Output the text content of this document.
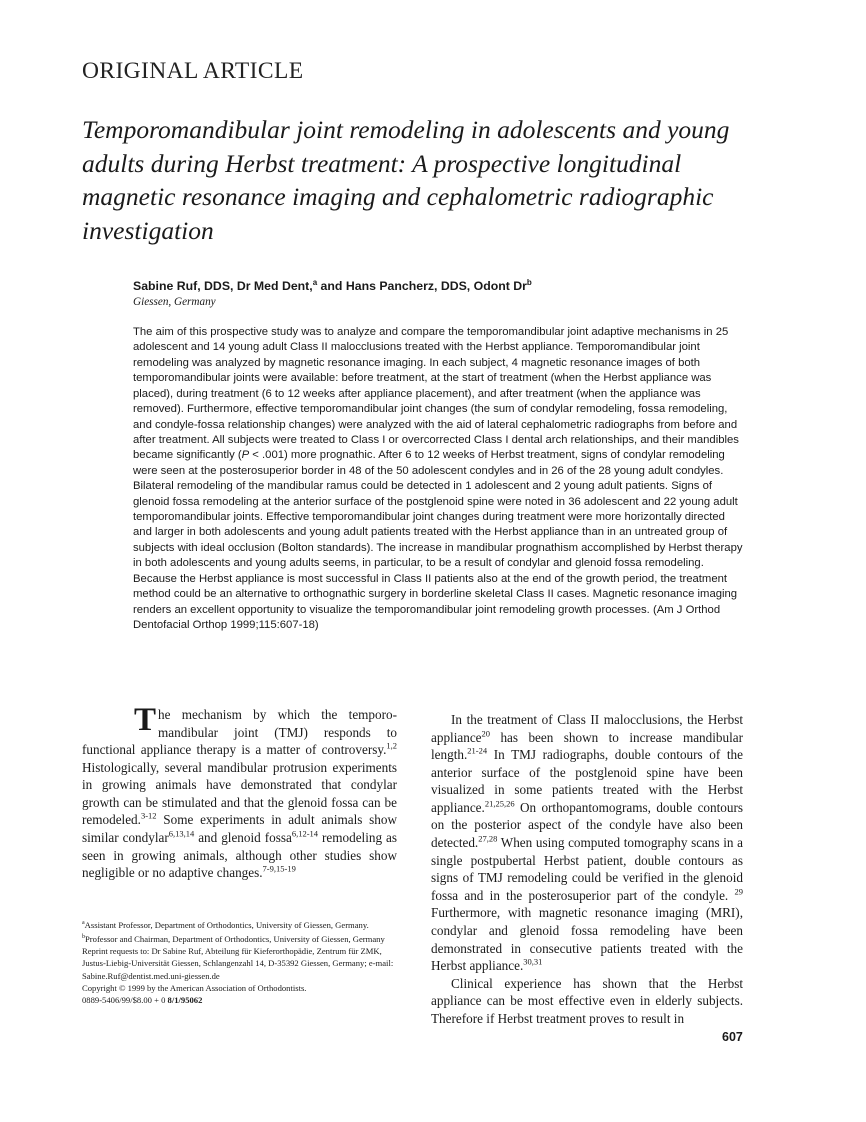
ORIGINAL ARTICLE
Temporomandibular joint remodeling in adolescents and young adults during Herbst treatment: A prospective longitudinal magnetic resonance imaging and cephalometric radiographic investigation
Sabine Ruf, DDS, Dr Med Dent,$^a$ and Hans Pancherz, DDS, Odont Dr$^b$
Giessen, Germany

The aim of this prospective study was to analyze and compare the temporomandibular joint adaptive mechanisms in 25 adolescent and 14 young adult Class II malocclusions treated with the Herbst appliance. Temporomandibular joint remodeling was analyzed by magnetic resonance imaging. In each subject, 4 magnetic resonance images of both temporomandibular joints were available: before treatment, at the start of treatment (when the Herbst appliance was placed), during treatment (6 to 12 weeks after appliance placement), and after treatment (when the appliance was removed). Furthermore, effective temporomandibular joint changes (the sum of condylar remodeling, fossa remodeling, and condyle-fossa relationship changes) were analyzed with the aid of lateral cephalometric radiographs from before and after treatment. All subjects were treated to Class I or overcorrected Class I dental arch relationships, and their mandibles became significantly (P < .001) more prognathic. After 6 to 12 weeks of Herbst treatment, signs of condylar remodeling were seen at the posterosuperior border in 48 of the 50 adolescent condyles and in 26 of the 28 young adult condyles. Bilateral remodeling of the mandibular ramus could be detected in 1 adolescent and 2 young adult patients. Signs of glenoid fossa remodeling at the anterior surface of the postglenoid spine were noted in 36 adolescent and 22 young adult temporomandibular joints. Effective temporomandibular joint changes during treatment were more horizontally directed and larger in both adolescents and young adult patients treated with the Herbst appliance than in an untreated group of subjects with ideal occlusion (Bolton standards). The increase in mandibular prognathism accomplished by Herbst therapy in both adolescents and young adults seems, in particular, to be a result of condylar and glenoid fossa remodeling. Because the Herbst appliance is most successful in Class II patients also at the end of the growth period, the treatment method could be an alternative to orthognathic surgery in borderline skeletal Class II cases. Magnetic resonance imaging renders an excellent opportunity to visualize the temporomandibular joint remodeling growth processes. (Am J Orthod Dentofacial Orthop 1999;115:607-18)

The mechanism by which the temporo-mandibular joint (TMJ) responds to functional appliance therapy is a matter of controversy.$^{1,2}$ Histologically, several mandibular protrusion experiments in growing animals have demonstrated that condylar growth can be stimulated and that the glenoid fossa can be remodeled.$^{3-12}$ Some experiments in adult animals show similar condylar$^{6,13,14}$ and glenoid fossa$^{6,12-14}$ remodeling as seen in growing animals, although other studies show negligible or no adaptive changes.$^{7-9,15-19}$

$^a$Assistant Professor, Department of Orthodontics, University of Giessen, Germany.
$^b$Professor and Chairman, Department of Orthodontics, University of Giessen, Germany
Reprint requests to: Dr Sabine Ruf, Abteilung für Kieferorthopädie, Zentrum für ZMK, Justus-Liebig-Universität Giessen, Schlangenzahl 14, D-35392 Giessen, Germany; e-mail: Sabine.Ruf@dentist.med.uni-giessen.de
Copyright © 1999 by the American Association of Orthodontists.
0889-5406/99/$8.00 + 0 8/1/95062

In the treatment of Class II malocclusions, the Herbst appliance$^{20}$ has been shown to increase mandibular length.$^{21-24}$ In TMJ radiographs, double contours of the anterior surface of the postglenoid spine have been visualized in some patients treated with the Herbst appliance.$^{21,25,26}$ On orthopantomograms, double contours on the posterior aspect of the condyle have also been detected.$^{27,28}$ When using computed tomography scans in a single postpubertal Herbst patient, double contours as signs of TMJ remodeling could be verified in the glenoid fossa and in the posterosuperior part of the condyle. $^{29}$ Furthermore, with magnetic resonance imaging (MRI), condylar and glenoid fossa remodeling have been demonstrated in consecutive patients treated with the Herbst appliance.$^{30,31}$

Clinical experience has shown that the Herbst appliance can be most effective even in elderly subjects. Therefore if Herbst treatment proves to result in

607
